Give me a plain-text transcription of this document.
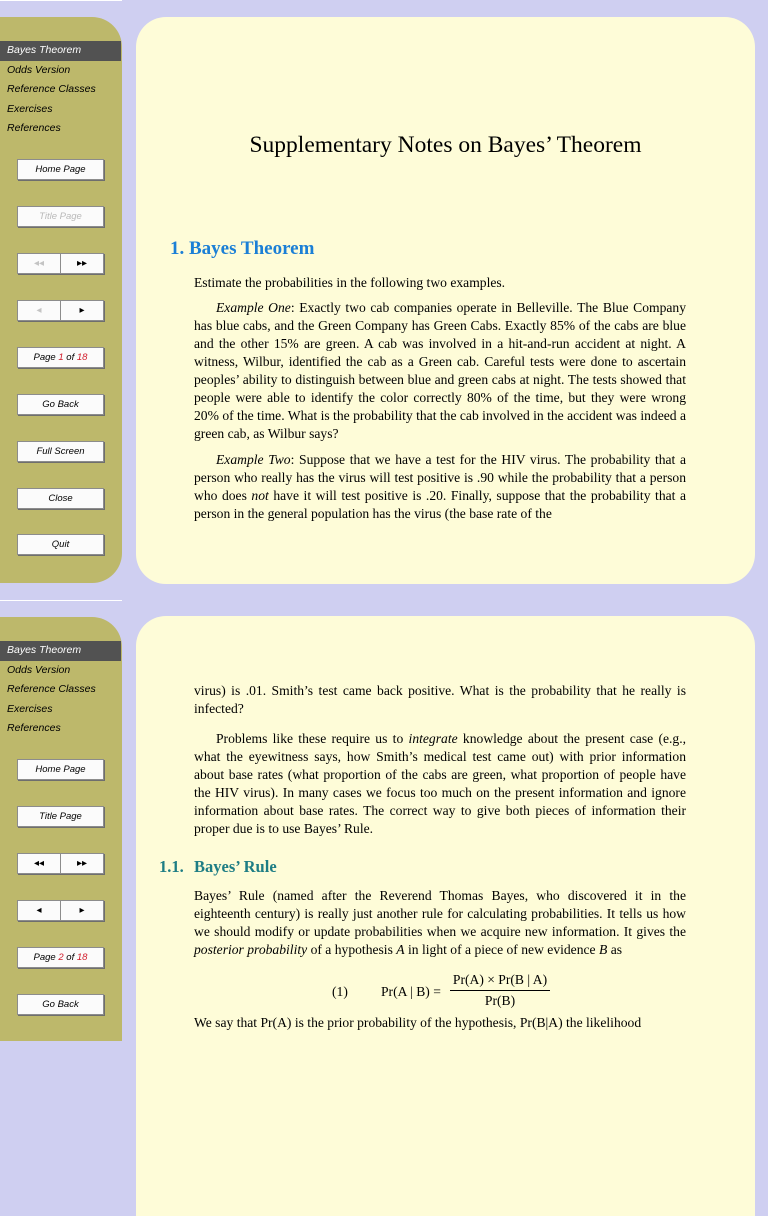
Bayes Theorem
Odds Version
Reference Classes
Exercises
References
Home Page
Title Page
◂◂	▸▸
◂	▸
Page 1 of 18
Go Back
Full Screen
Close
Quit
Supplementary Notes on Bayes’ Theorem
1. Bayes Theorem
Estimate the probabilities in the following two examples.
Example One: Exactly two cab companies operate in Belleville. The Blue Company has blue cabs, and the Green Company has Green Cabs. Exactly 85% of the cabs are blue and the other 15% are green. A cab was involved in a hit-and-run accident at night. A witness, Wilbur, identified the cab as a Green cab. Careful tests were done to ascertain peoples’ ability to distinguish between blue and green cabs at night. The tests showed that people were able to identify the color correctly 80% of the time, but they were wrong 20% of the time. What is the probability that the cab involved in the accident was indeed a green cab, as Wilbur says?
Example Two: Suppose that we have a test for the HIV virus. The probability that a person who really has the virus will test positive is .90 while the probability that a person who does not have it will test positive is .20. Finally, suppose that the probability that a person in the general population has the virus (the base rate of the
Bayes Theorem
Odds Version
Reference Classes
Exercises
References
Home Page
Title Page
◂◂	▸▸
◂	▸
Page 2 of 18
Go Back
virus) is .01. Smith’s test came back positive. What is the probability that he really is infected?
Problems like these require us to integrate knowledge about the present case (e.g., what the eyewitness says, how Smith’s medical test came out) with prior information about base rates (what proportion of the cabs are green, what proportion of people have the HIV virus). In many cases we focus too much on the present information and ignore information about base rates. The correct way to give both pieces of information their proper due is to use Bayes’ Rule.
1.1. Bayes’ Rule
Bayes’ Rule (named after the Reverend Thomas Bayes, who discovered it in the eighteenth century) is really just another rule for calculating probabilities. It tells us how we should modify or update probabilities when we acquire new information. It gives the posterior probability of a hypothesis A in light of a piece of new evidence B as
(1) Pr(A | $B) = \frac{Pr(A) \times Pr(B | A)}{Pr(B)}$
We say that Pr(A) is the prior probability of the hypothesis, Pr(B|A) the likelihood
